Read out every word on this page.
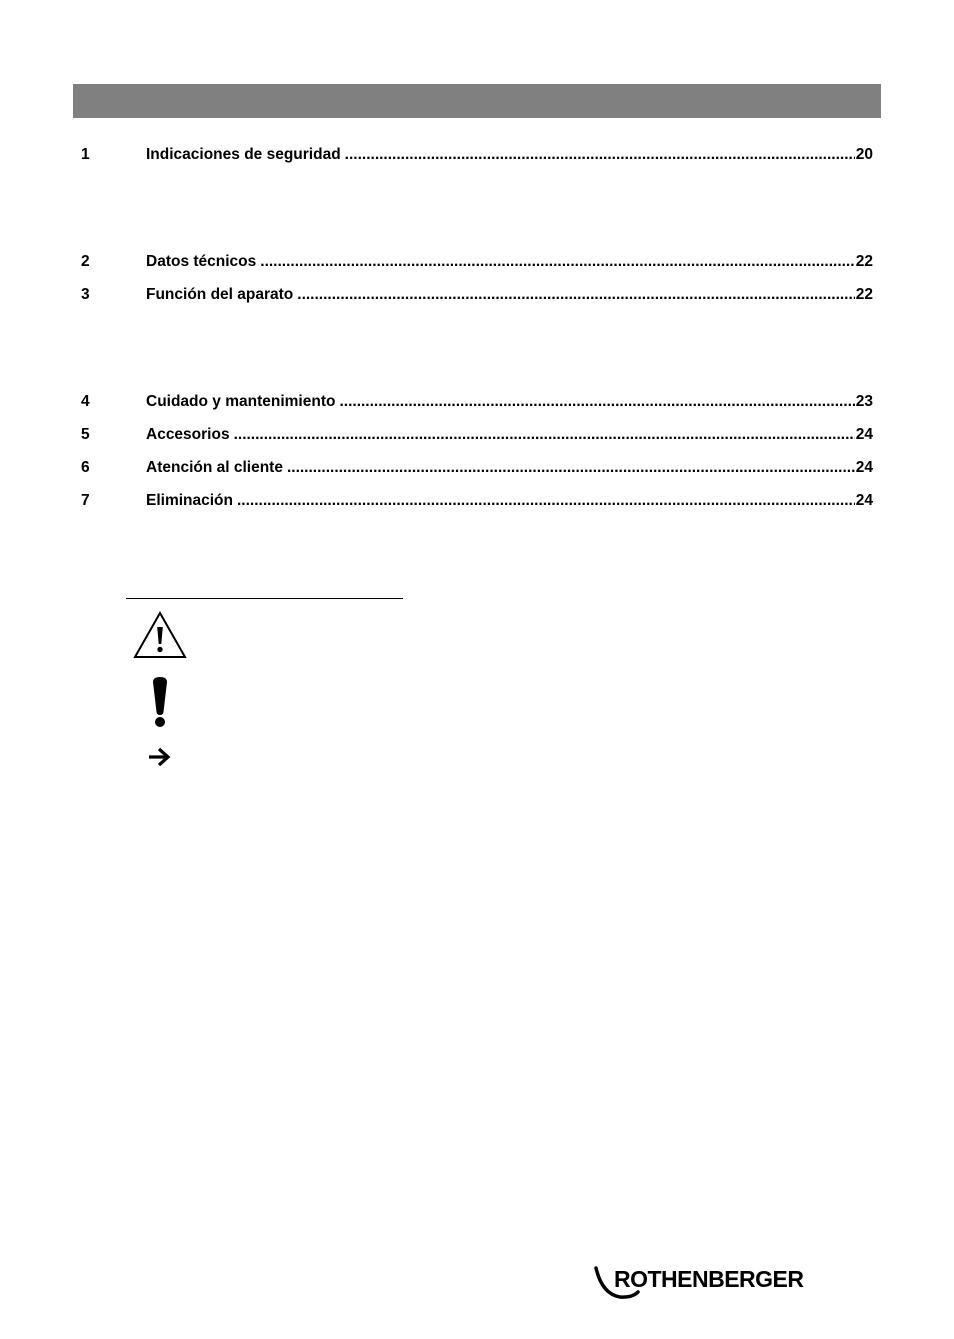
1	Indicaciones de seguridad .....	20
2	Datos técnicos .....	22
3	Función del aparato .....	22
4	Cuidado y mantenimiento .....	23
5	Accesorios .....	24
6	Atención al cliente .....	24
7	Eliminación .....	24
ROTHENBERGER
